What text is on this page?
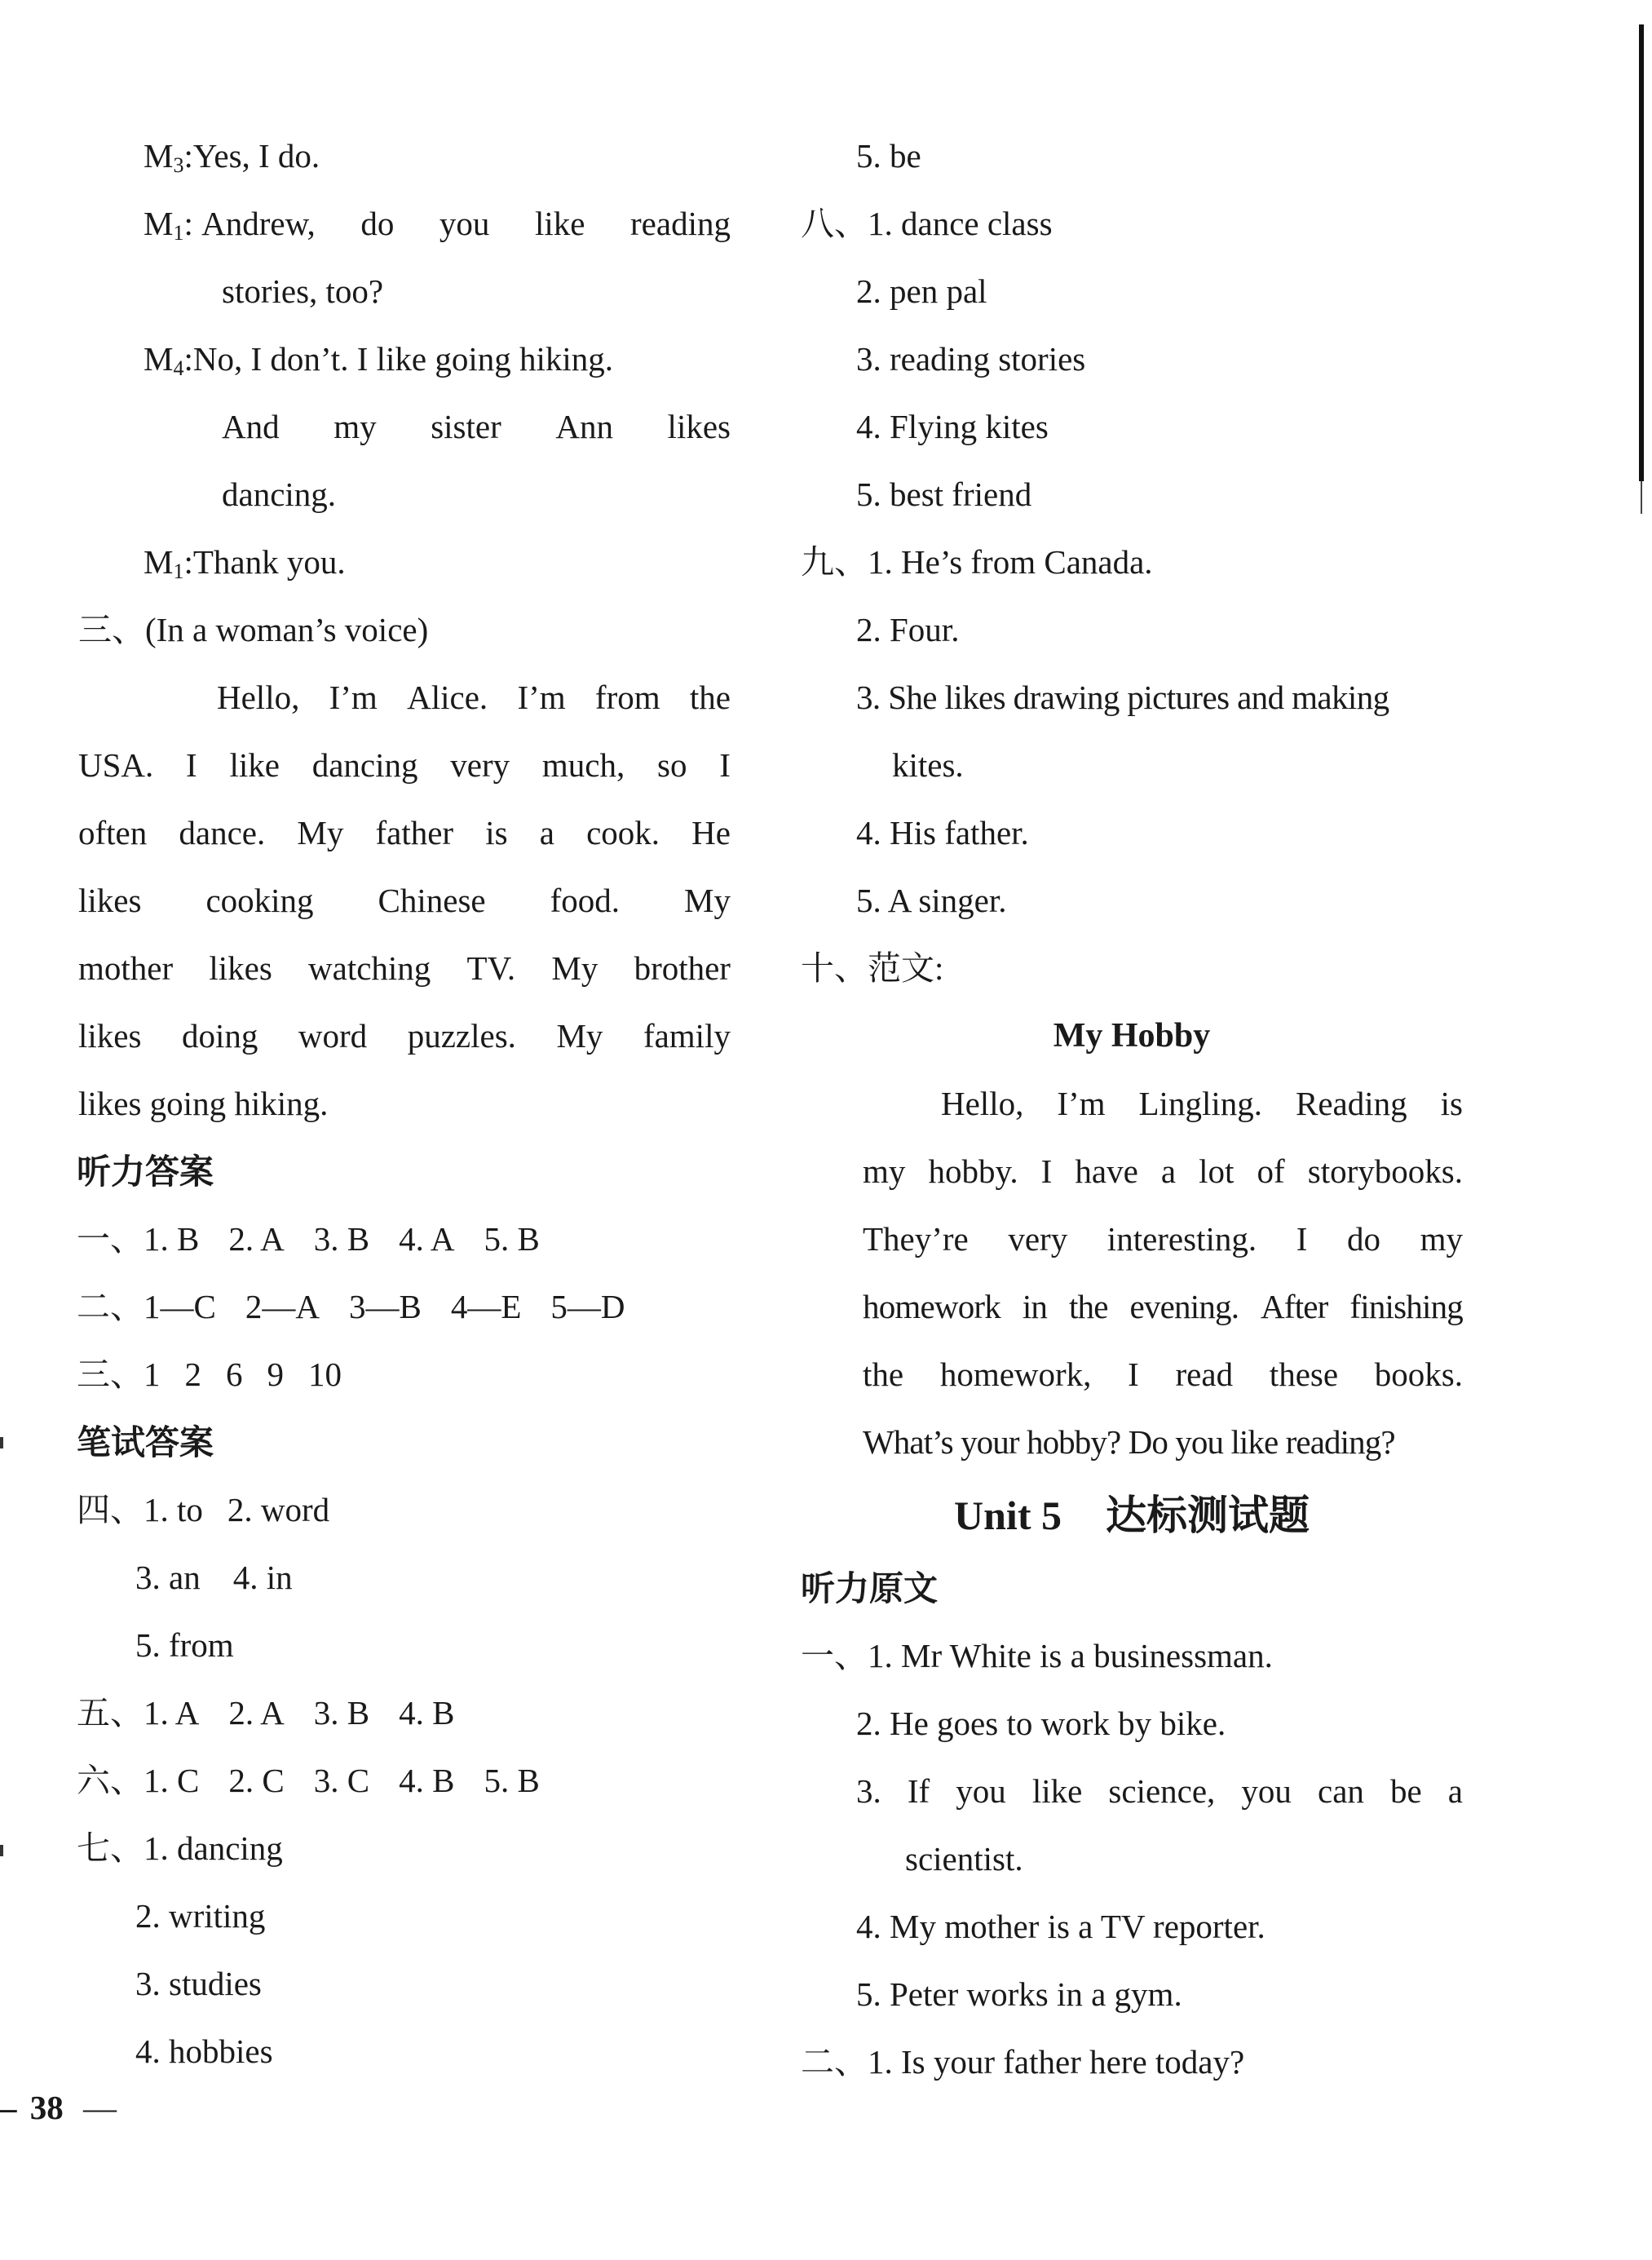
$M_3:Yes$, I do.
$M_1$: Andrew, do you like reading
stories, too?
$M_4:No$, I don’t. I like going hiking.
And my sister Ann likes
dancing.
$M_1:Thank$ you.
三、(In a woman’s voice)
Hello, I’m Alice. I’m from the
USA. I like dancing very much, so I
often dance. My father is a cook. He
likes cooking Chinese food. My
mother likes watching TV. My brother
likes doing word puzzles. My family
likes going hiking.
听力答案
一、1. B 2. A 3. B 4. A 5. B
二、1—C 2—A 3—B 4—E 5—D
三、1 2 6 9 10
笔试答案
四、1. to 2. word
3. an 4. in
5. from
五、1. A 2. A 3. B 4. B
六、1. C 2. C 3. C 4. B 5. B
七、1. dancing
2. writing
3. studies
4. hobbies
5. be
八、1. dance class
2. pen pal
3. reading stories
4. Flying kites
5. best friend
九、1. He’s from Canada.
2. Four.
3. She likes drawing pictures and making
kites.
4. His father.
5. A singer.
十、范文:
My Hobby
Hello, I’m Lingling. Reading is
my hobby. I have a lot of storybooks.
They’re very interesting. I do my
homework in the evening. After finishing
the homework, I read these books.
What’s your hobby? Do you like reading?
Unit 5 达标测试题
听力原文
一、1. Mr White is a businessman.
2. He goes to work by bike.
3. If you like science, you can be a
scientist.
4. My mother is a TV reporter.
5. Peter works in a gym.
二、1. Is your father here today?
– 38 —
